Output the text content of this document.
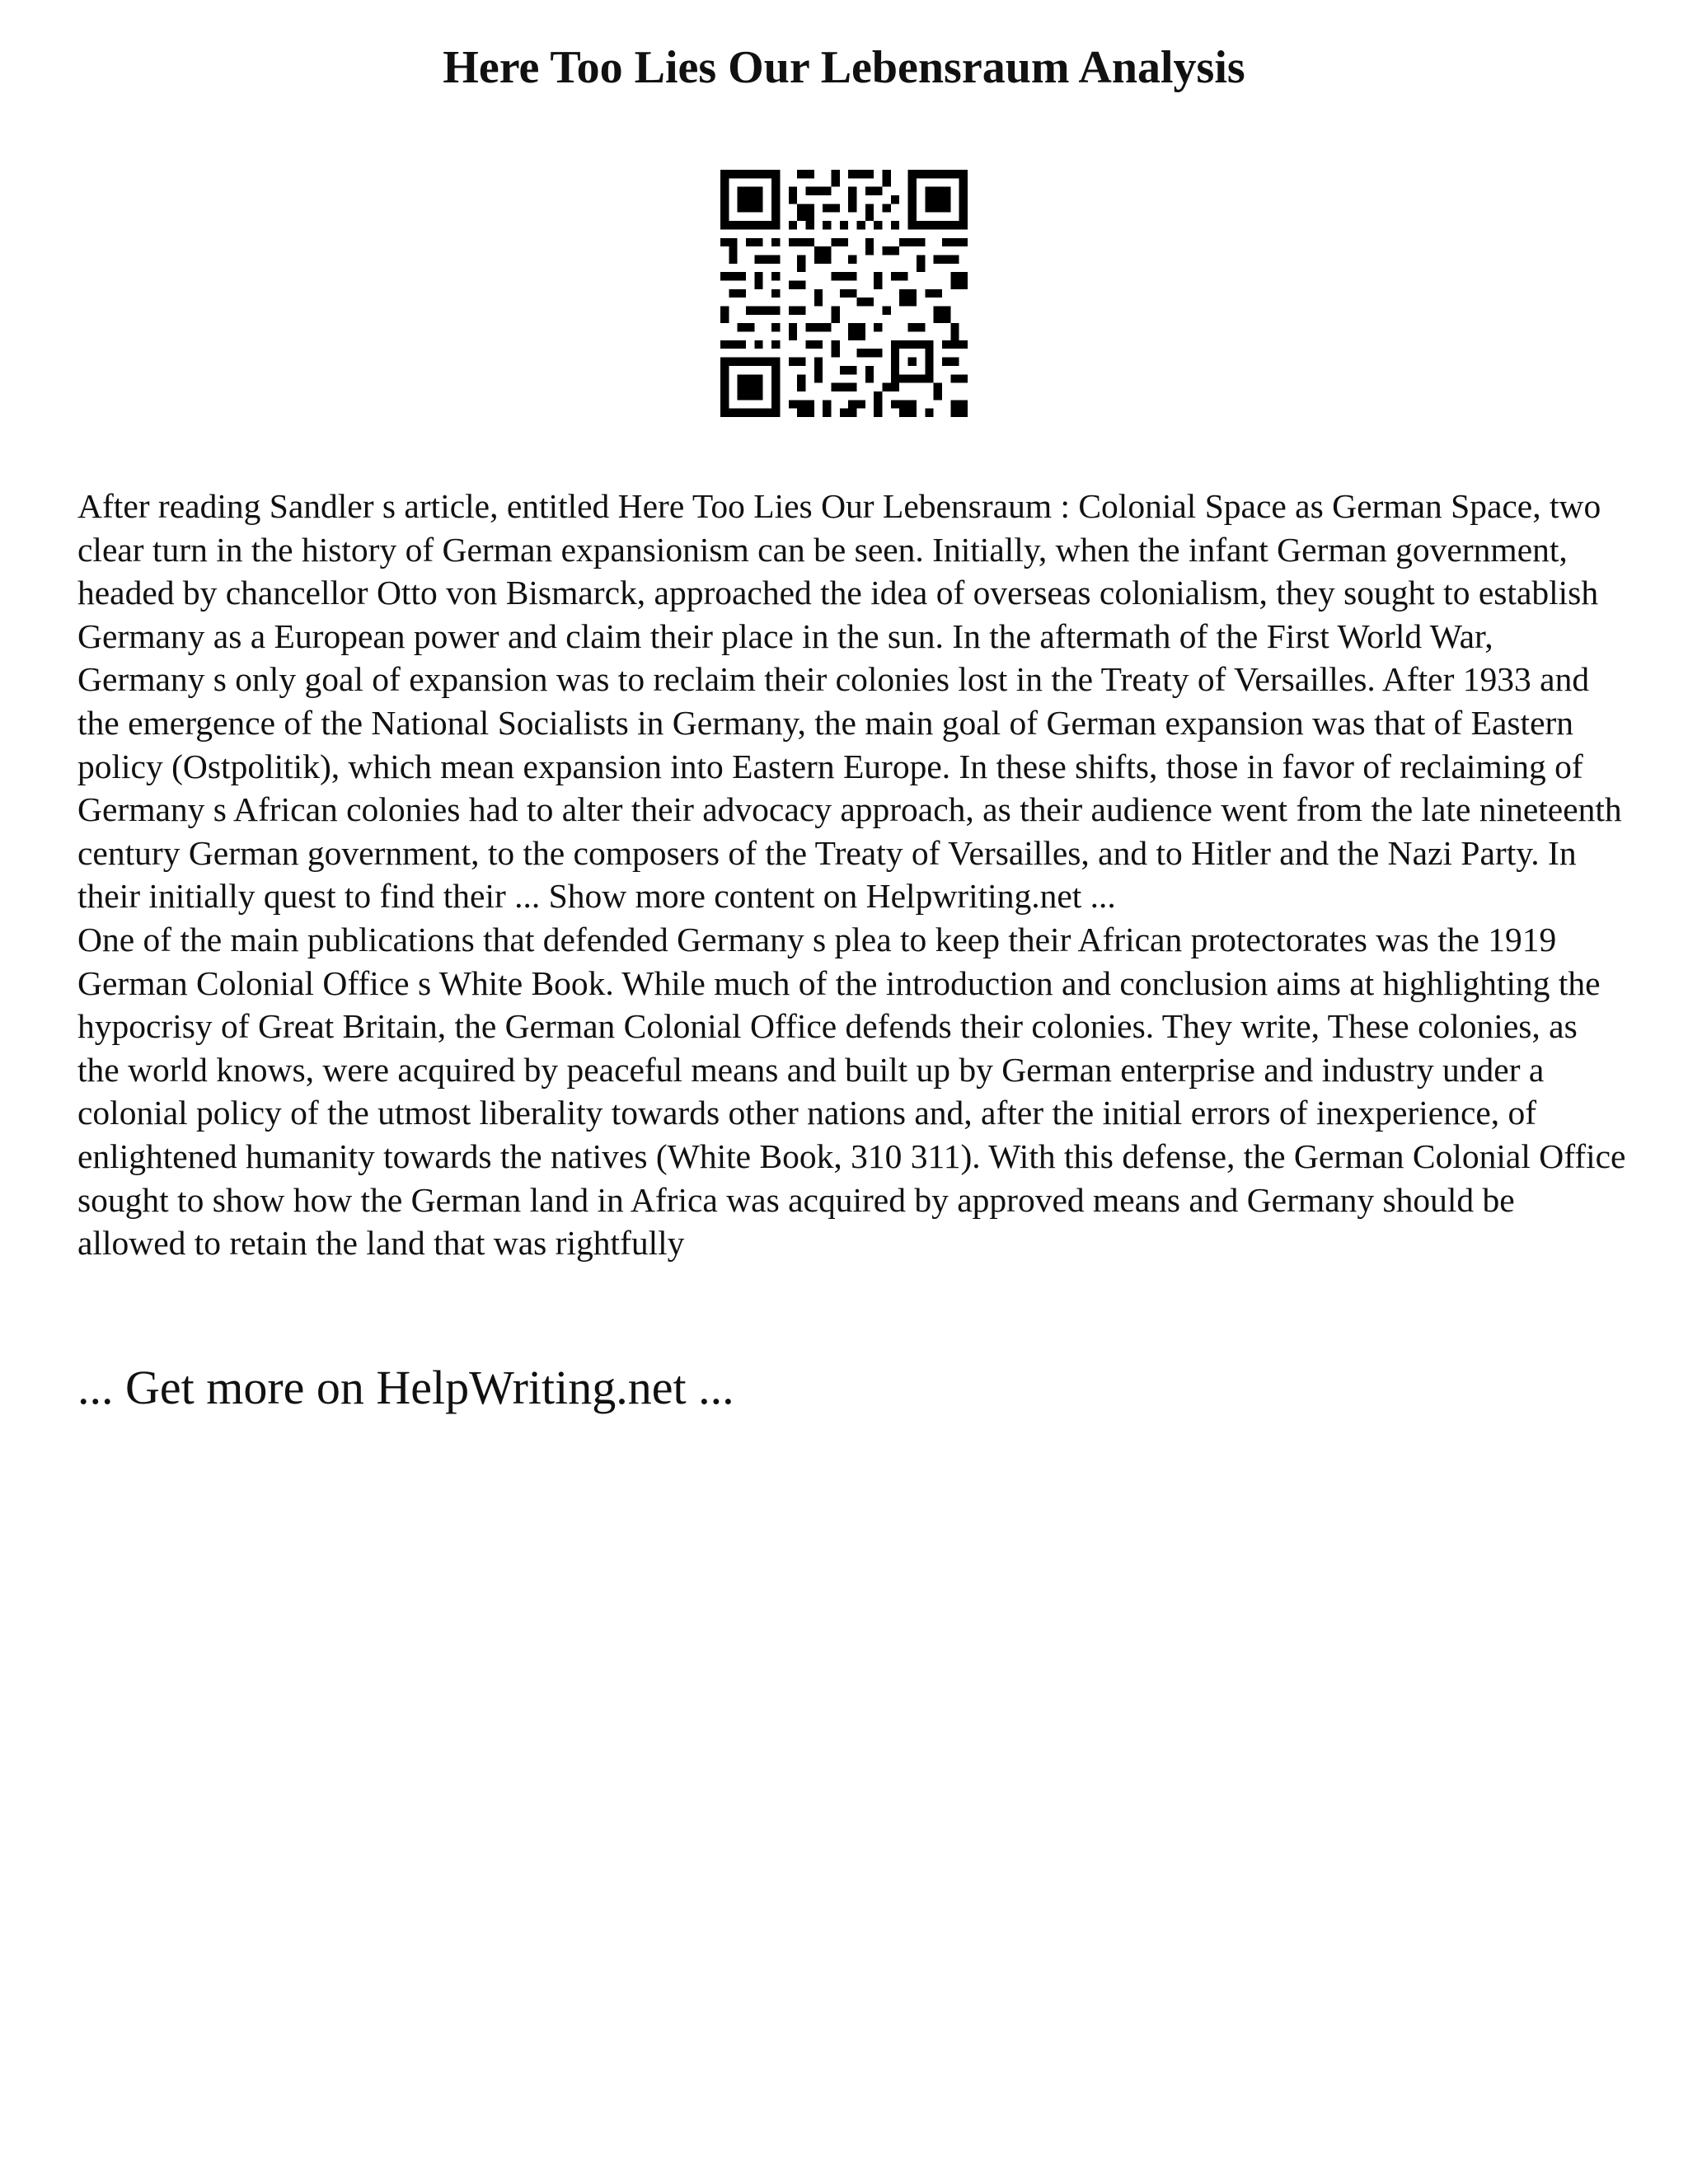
Here Too Lies Our Lebensraum Analysis

After reading Sandler s article, entitled Here Too Lies Our Lebensraum : Colonial Space as German Space, two clear turn in the history of German expansionism can be seen. Initially, when the infant German government, headed by chancellor Otto von Bismarck, approached the idea of overseas colonialism, they sought to establish Germany as a European power and claim their place in the sun. In the aftermath of the First World War, Germany s only goal of expansion was to reclaim their colonies lost in the Treaty of Versailles. After 1933 and the emergence of the National Socialists in Germany, the main goal of German expansion was that of Eastern policy (Ostpolitik), which mean expansion into Eastern Europe. In these shifts, those in favor of reclaiming of Germany s African colonies had to alter their advocacy approach, as their audience went from the late nineteenth century German government, to the composers of the Treaty of Versailles, and to Hitler and the Nazi Party. In their initially quest to find their ... Show more content on Helpwriting.net ...

One of the main publications that defended Germany s plea to keep their African protectorates was the 1919 German Colonial Office s White Book. While much of the introduction and conclusion aims at highlighting the hypocrisy of Great Britain, the German Colonial Office defends their colonies. They write, These colonies, as the world knows, were acquired by peaceful means and built up by German enterprise and industry under a colonial policy of the utmost liberality towards other nations and, after the initial errors of inexperience, of enlightened humanity towards the natives (White Book, 310 311). With this defense, the German Colonial Office sought to show how the German land in Africa was acquired by approved means and Germany should be allowed to retain the land that was rightfully

... Get more on HelpWriting.net ...
